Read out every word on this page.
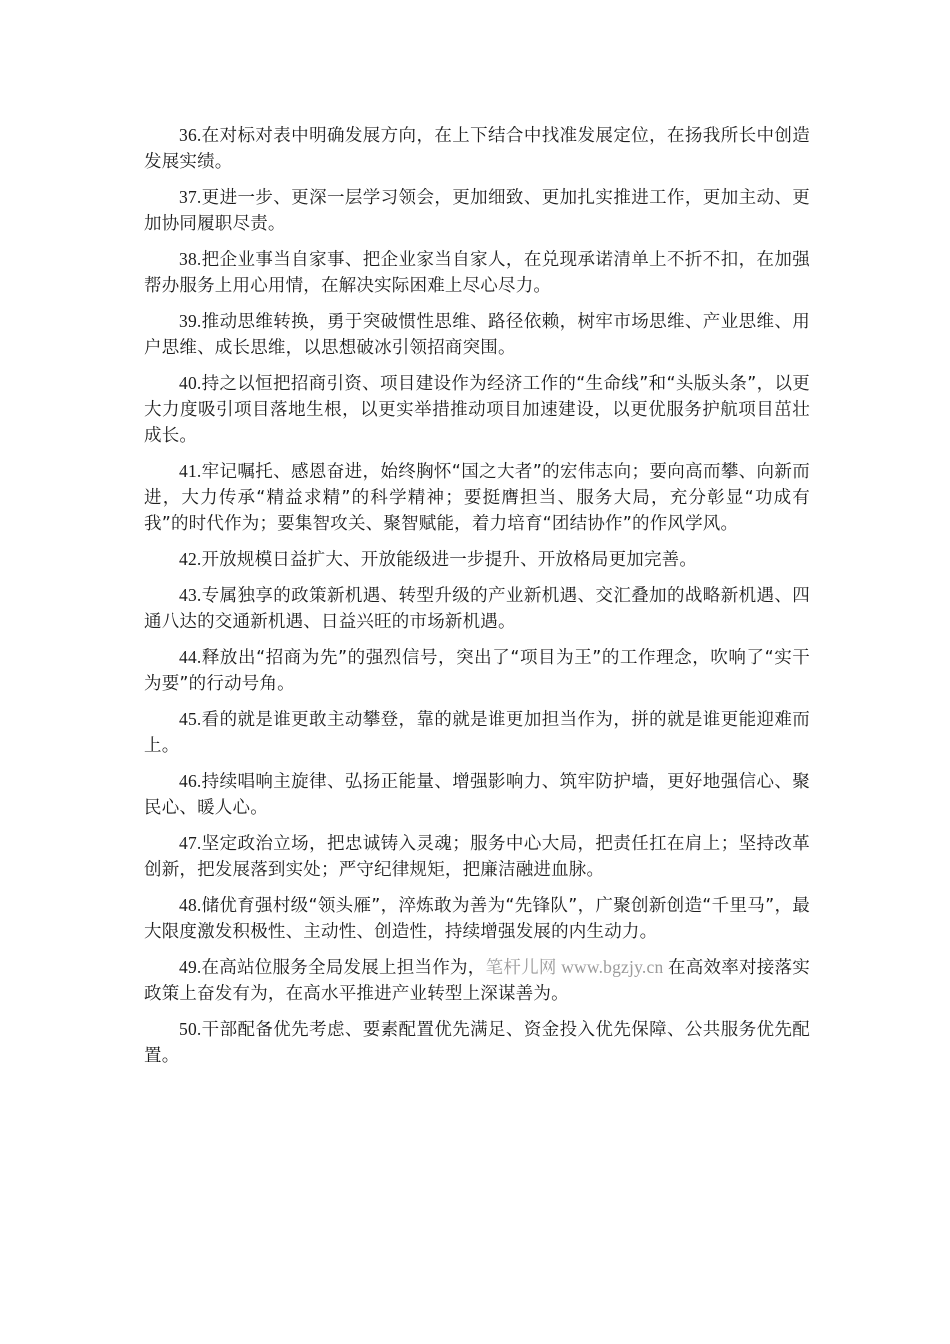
36.在对标对表中明确发展方向，在上下结合中找准发展定位，在扬我所长中创造发展实绩。

37.更进一步、更深一层学习领会，更加细致、更加扎实推进工作，更加主动、更加协同履职尽责。

38.把企业事当自家事、把企业家当自家人，在兑现承诺清单上不折不扣，在加强帮办服务上用心用情，在解决实际困难上尽心尽力。

39.推动思维转换，勇于突破惯性思维、路径依赖，树牢市场思维、产业思维、用户思维、成长思维，以思想破冰引领招商突围。

40.持之以恒把招商引资、项目建设作为经济工作的“生命线”和“头版头条”，以更大力度吸引项目落地生根，以更实举措推动项目加速建设，以更优服务护航项目茁壮成长。

41.牢记嘱托、感恩奋进，始终胸怀“国之大者”的宏伟志向；要向高而攀、向新而进，大力传承“精益求精”的科学精神；要挺膺担当、服务大局，充分彰显“功成有我”的时代作为；要集智攻关、聚智赋能，着力培育“团结协作”的作风学风。

42.开放规模日益扩大、开放能级进一步提升、开放格局更加完善。

43.专属独享的政策新机遇、转型升级的产业新机遇、交汇叠加的战略新机遇、四通八达的交通新机遇、日益兴旺的市场新机遇。

44.释放出“招商为先”的强烈信号，突出了“项目为王”的工作理念，吹响了“实干为要”的行动号角。

45.看的就是谁更敢主动攀登，靠的就是谁更加担当作为，拼的就是谁更能迎难而上。

46.持续唱响主旋律、弘扬正能量、增强影响力、筑牢防护墙，更好地强信心、聚民心、暖人心。

47.坚定政治立场，把忠诚铸入灵魂；服务中心大局，把责任扛在肩上；坚持改革创新，把发展落到实处；严守纪律规矩，把廉洁融进血脉。

48.储优育强村级“领头雁”，淬炼敢为善为“先锋队”，广聚创新创造“千里马”，最大限度激发积极性、主动性、创造性，持续增强发展的内生动力。

49.在高站位服务全局发展上担当作为，笔杆儿网 www.bgzjy.cn 在高效率对接落实政策上奋发有为，在高水平推进产业转型上深谋善为。

50.干部配备优先考虑、要素配置优先满足、资金投入优先保障、公共服务优先配置。
